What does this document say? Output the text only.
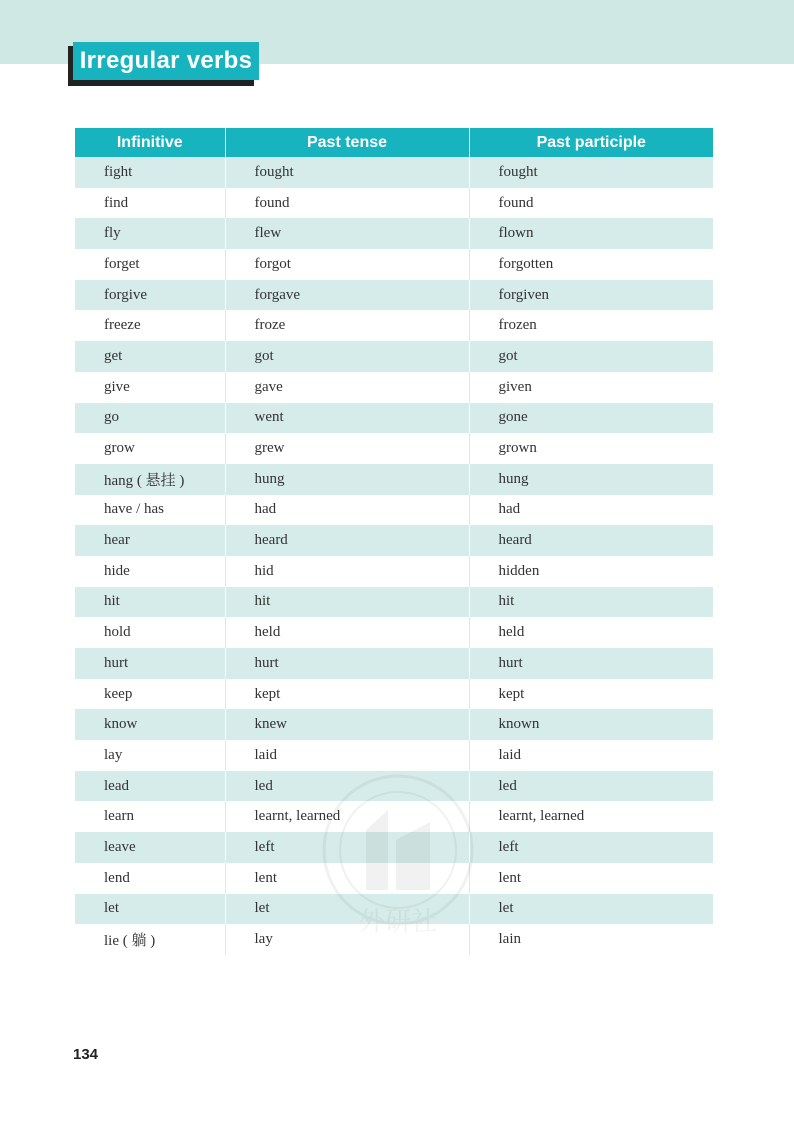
Irregular verbs
Infinitive	Past tense	Past participle
fight	fought	fought
find	found	found
fly	flew	flown
forget	forgot	forgotten
forgive	forgave	forgiven
freeze	froze	frozen
get	got	got
give	gave	given
go	went	gone
grow	grew	grown
hang ( 悬挂 )	hung	hung
have / has	had	had
hear	heard	heard
hide	hid	hidden
hit	hit	hit
hold	held	held
hurt	hurt	hurt
keep	kept	kept
know	knew	known
lay	laid	laid
lead	led	led
learn	learnt, learned	learnt, learned
leave	left	left
lend	lent	lent
let	let	let
lie ( 躺 )	lay	lain
134
